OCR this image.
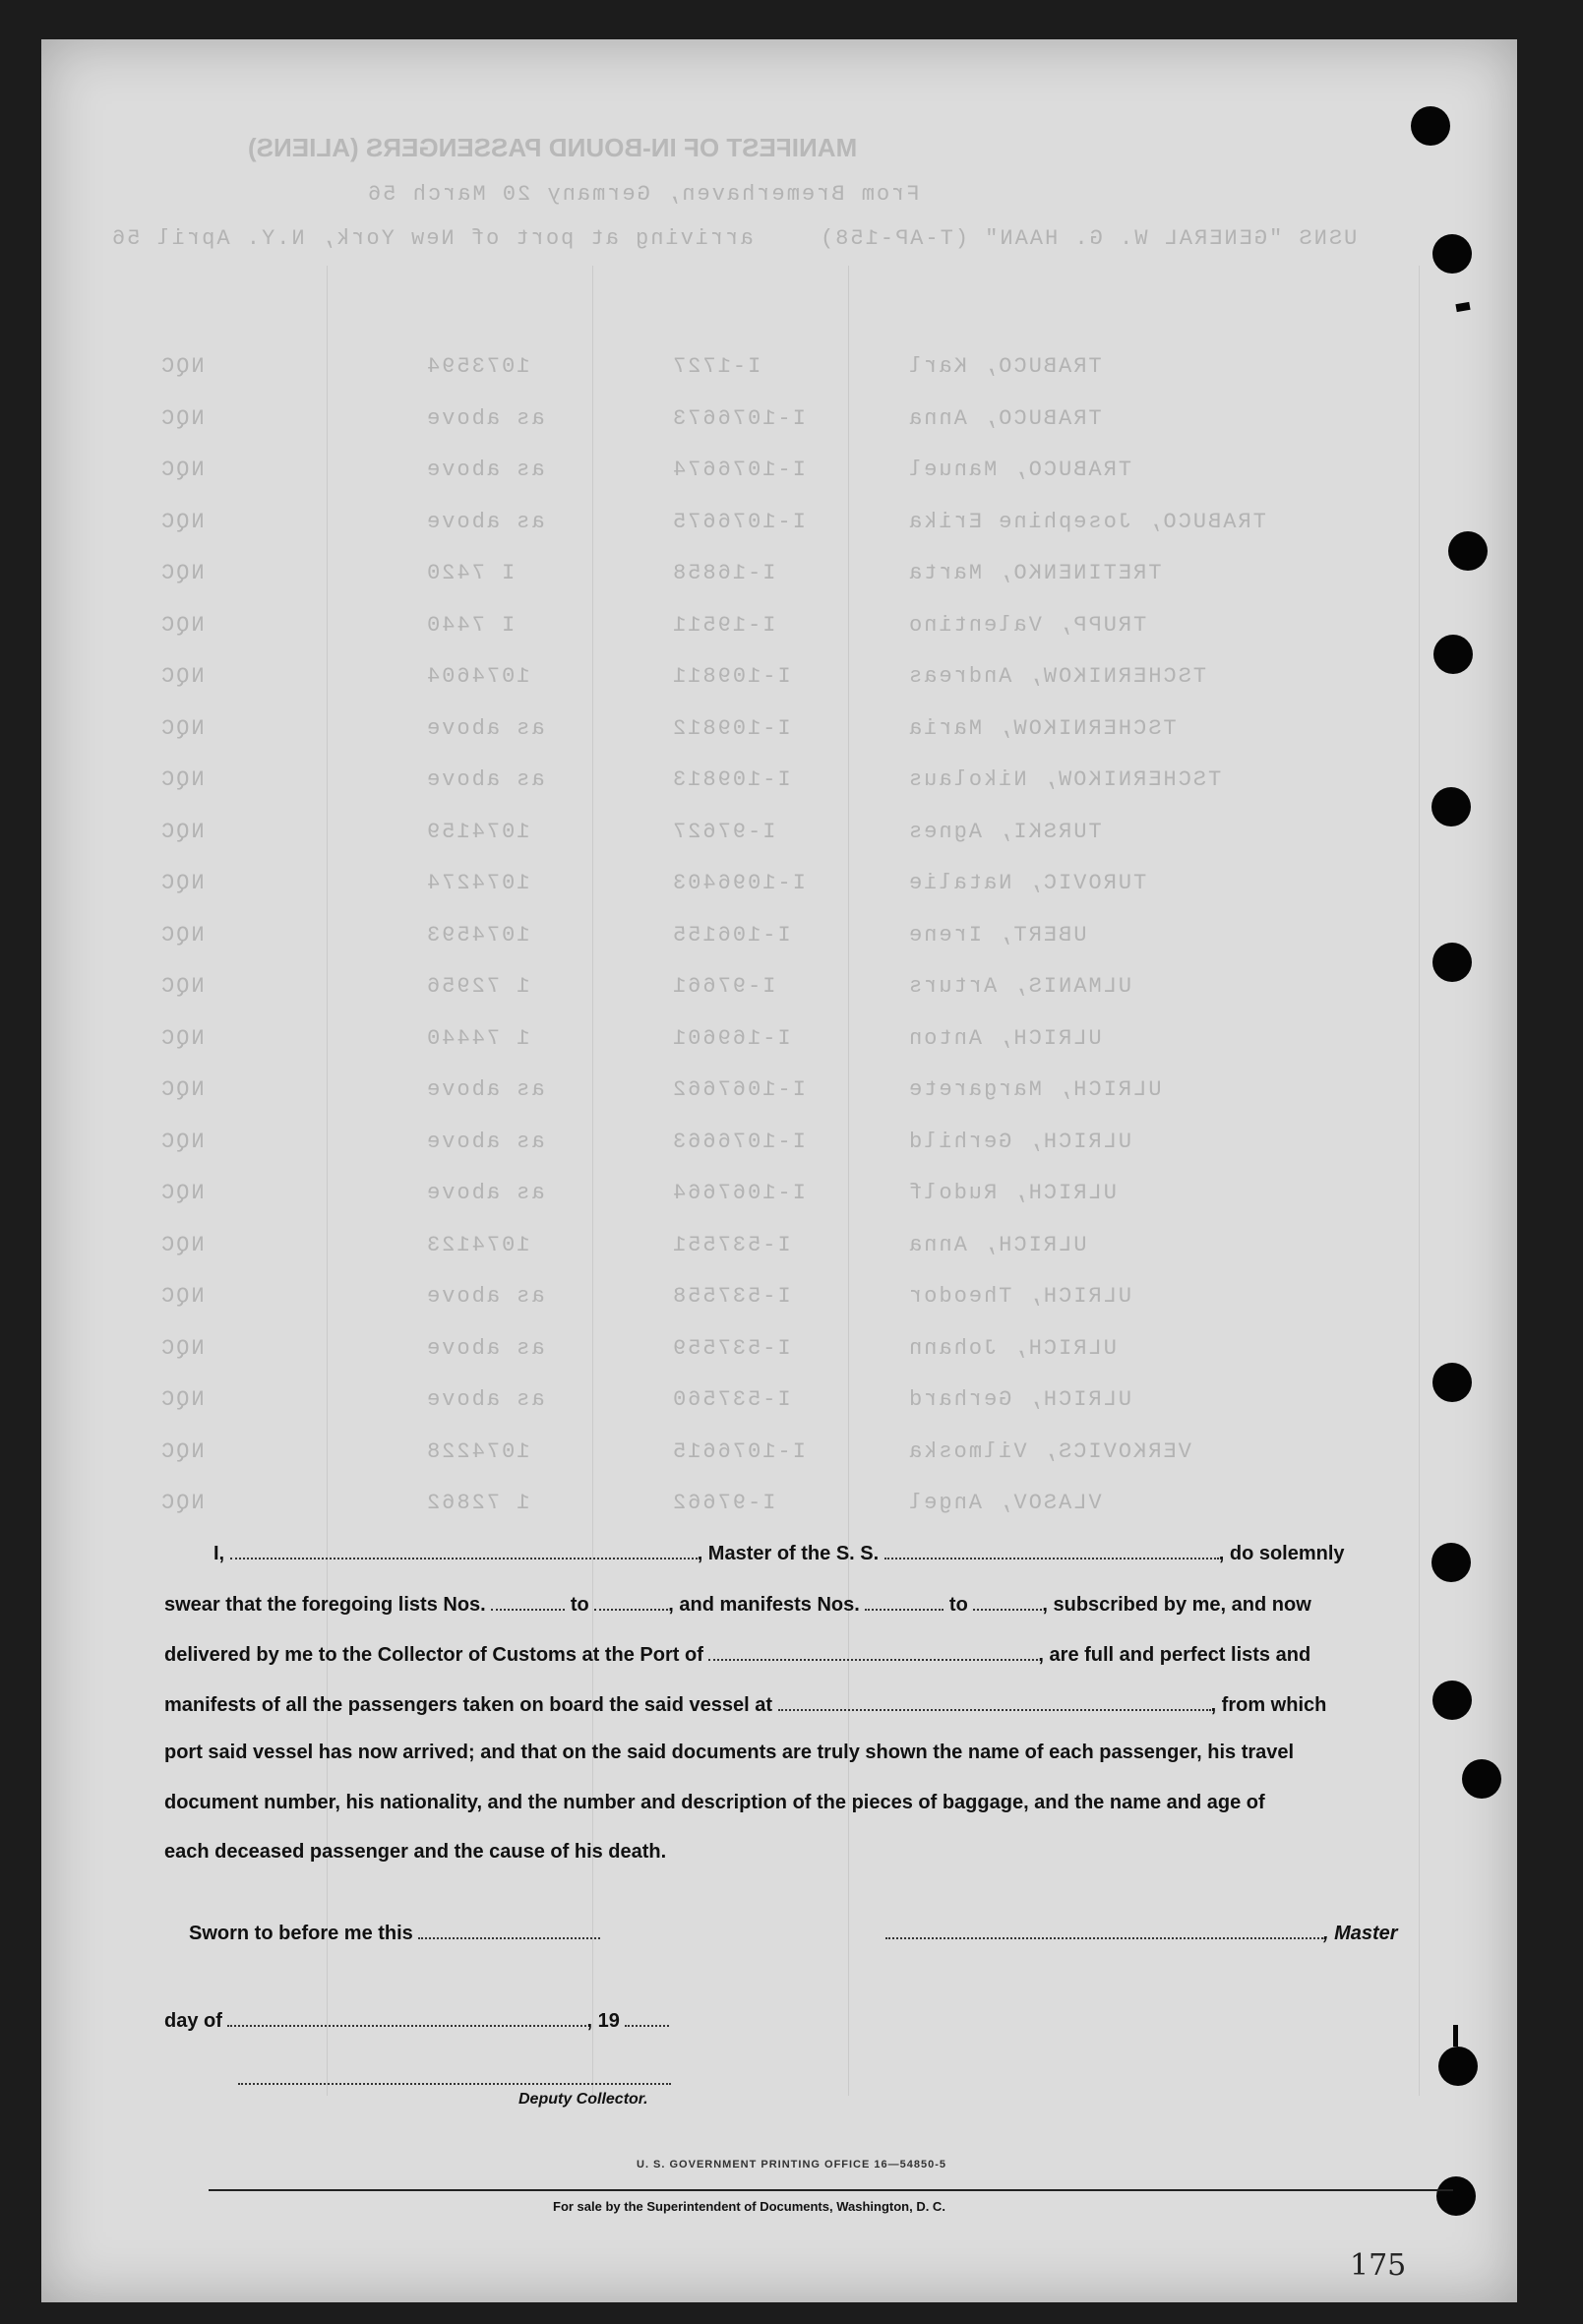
MANIFEST OF IN-BOUND PASSENGERS (ALIENS)
From Bremerhaven, Germany 20 March 56
arriving at port of New York, N.Y. April 56	USNS "GENERAL W. G. HAAN" (T-AP-158)
NQC	1073594	I-1727	TRABUCO, Karl
NQC	as above	I-1076673	TRABUCO, Anna
NQC	as above	I-1076674	TRABUCO, Manuel
NQC	as above	I-1076675	TRABUCO, Josephine Erika
NQC	I 7420	I-16858	TRETINENKO, Marta
NQC	I 7440	I-19511	TRUPP, Valentino
NQC	1074604	I-109811	TSCHERNIKOW, Andreas
NQC	as above	I-109812	TSCHERNIKOW, Maria
NQC	as above	I-109813	TSCHERNIKOW, Nikolaus
NQC	1074159	I-97627	TURSKI, Agnes
NQC	1074274	I-1096403	TUROVIC, Natalie
NQC	1074593	I-106155	UBERT, Irene
NQC	1 72956	I-97661	ULMANIS, Arturs
NQC	1 74440	I-169601	ULRICH, Anton
NQC	as above	I-1067662	ULRICH, Margarete
NQC	as above	I-1076663	ULRICH, Gerhild
NQC	as above	I-1067664	ULRICH, Rudolf
NQC	1074123	I-537551	ULRICH, Anna
NQC	as above	I-537558	ULRICH, Theodor
NQC	as above	I-537559	ULRICH, Johann
NQC	as above	I-537560	ULRICH, Gerhard
NQC	1074228	I-1076615	VERKOVICS, Vilmoska
NQC	1 72862	I-97662	VLASOV, Angel
I,	, Master of the S. S.	, do solemnly
swear that the foregoing lists Nos.	to	, and manifests Nos.	to	, subscribed by me, and now
delivered by me to the Collector of Customs at the Port of	, are full and perfect lists and
manifests of all the passengers taken on board the said vessel at	, from which
port said vessel has now arrived; and that on the said documents are truly shown the name of each passenger, his travel
document number, his nationality, and the number and description of the pieces of baggage, and the name and age of
each deceased passenger and the cause of his death.
Sworn to before me this	, Master
day of	, 19
Deputy Collector.
U. S. GOVERNMENT PRINTING OFFICE 16—54850-5
For sale by the Superintendent of Documents, Washington, D. C.
175
